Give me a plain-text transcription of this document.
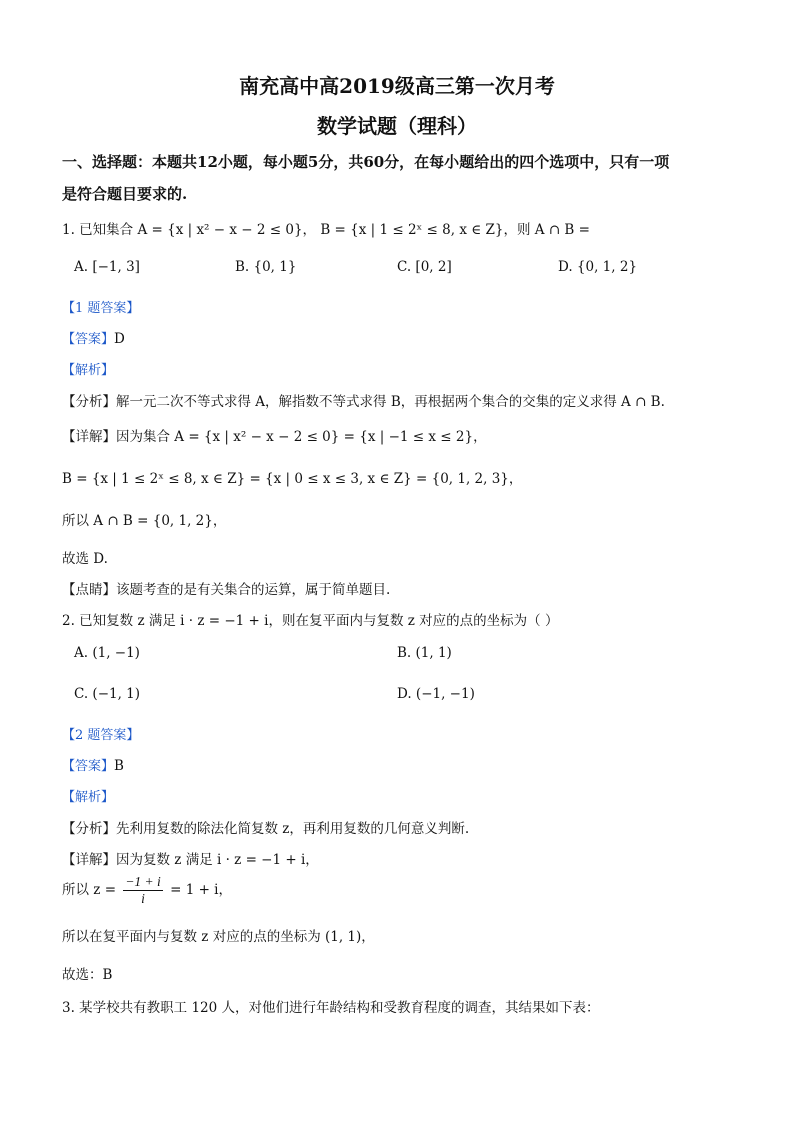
南充高中高2019级高三第一次月考
数学试题（理科）
一、选择题：本题共12小题，每小题5分，共60分，在每小题给出的四个选项中，只有一项
是符合题目要求的.
1. 已知集合 A = {x | x² − x − 2 ≤ 0}， B = {x | 1 ≤ 2ˣ ≤ 8, x ∈ Z}，则 A ∩ B =
A. [−1, 3]	B. {0, 1}	C. [0, 2]	D. {0, 1, 2}
【1 题答案】
【答案】D
【解析】
【分析】解一元二次不等式求得 A，解指数不等式求得 B，再根据两个集合的交集的定义求得 A ∩ B.
【详解】因为集合 A = {x | x² − x − 2 ≤ 0} = {x | −1 ≤ x ≤ 2}，
B = {x | 1 ≤ 2ˣ ≤ 8, x ∈ Z} = {x | 0 ≤ x ≤ 3, x ∈ Z} = {0, 1, 2, 3}，
所以 A ∩ B = {0, 1, 2}，
故选 D.
【点睛】该题考查的是有关集合的运算，属于简单题目.
2. 已知复数 z 满足 i · z = −1 + i，则在复平面内与复数 z 对应的点的坐标为（ ）
A. (1, −1)	B. (1, 1)
C. (−1, 1)	D. (−1, −1)
【2 题答案】
【答案】B
【解析】
【分析】先利用复数的除法化简复数 z，再利用复数的几何意义判断.
【详解】因为复数 z 满足 i · z = −1 + i，
所以 $z = \frac{-1 + i}{i} = 1 + i$，
所以在复平面内与复数 z 对应的点的坐标为 (1, 1)，
故选：B
3. 某学校共有教职工 120 人，对他们进行年龄结构和受教育程度的调查，其结果如下表：
